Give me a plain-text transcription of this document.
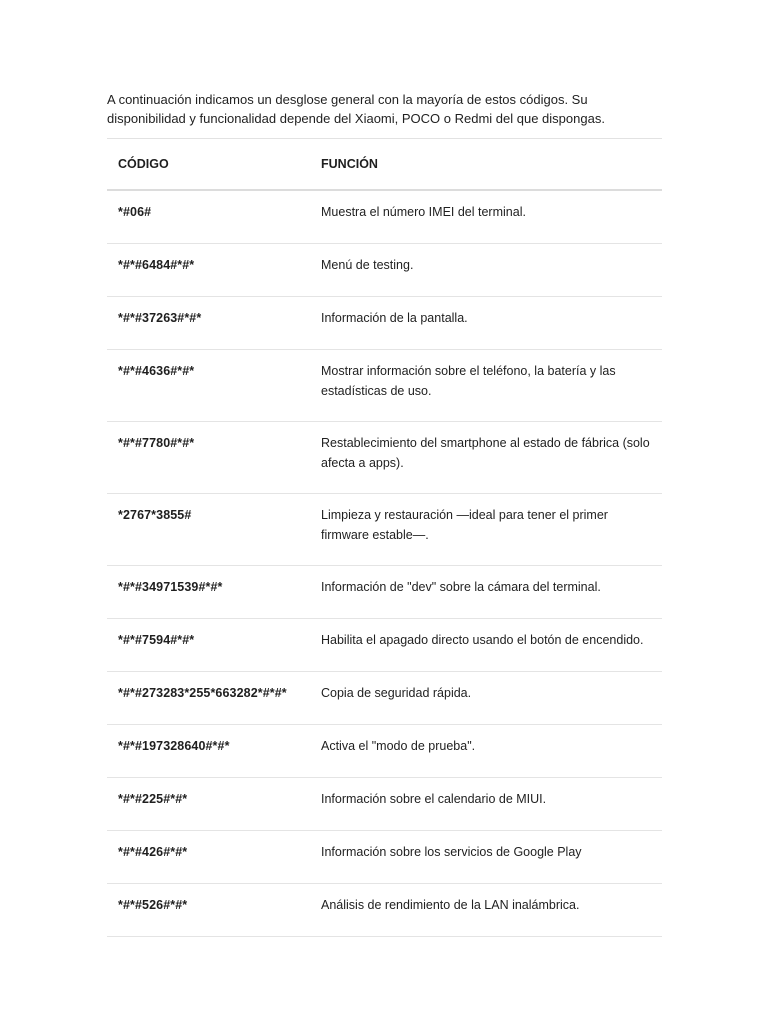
A continuación indicamos un desglose general con la mayoría de estos códigos. Su disponibilidad y funcionalidad depende del Xiaomi, POCO o Redmi del que dispongas.

CÓDIGO	FUNCIÓN
*#06#	Muestra el número IMEI del terminal.
*#*#6484#*#*	Menú de testing.
*#*#37263#*#*	Información de la pantalla.
*#*#4636#*#*	Mostrar información sobre el teléfono, la batería y las estadísticas de uso.
*#*#7780#*#*	Restablecimiento del smartphone al estado de fábrica (solo afecta a apps).
*2767*3855#	Limpieza y restauración —ideal para tener el primer firmware estable—.
*#*#34971539#*#*	Información de "dev" sobre la cámara del terminal.
*#*#7594#*#*	Habilita el apagado directo usando el botón de encendido.
*#*#273283*255*663282*#*#*	Copia de seguridad rápida.
*#*#197328640#*#*	Activa el "modo de prueba".
*#*#225#*#*	Información sobre el calendario de MIUI.
*#*#426#*#*	Información sobre los servicios de Google Play
*#*#526#*#*	Análisis de rendimiento de la LAN inalámbrica.
